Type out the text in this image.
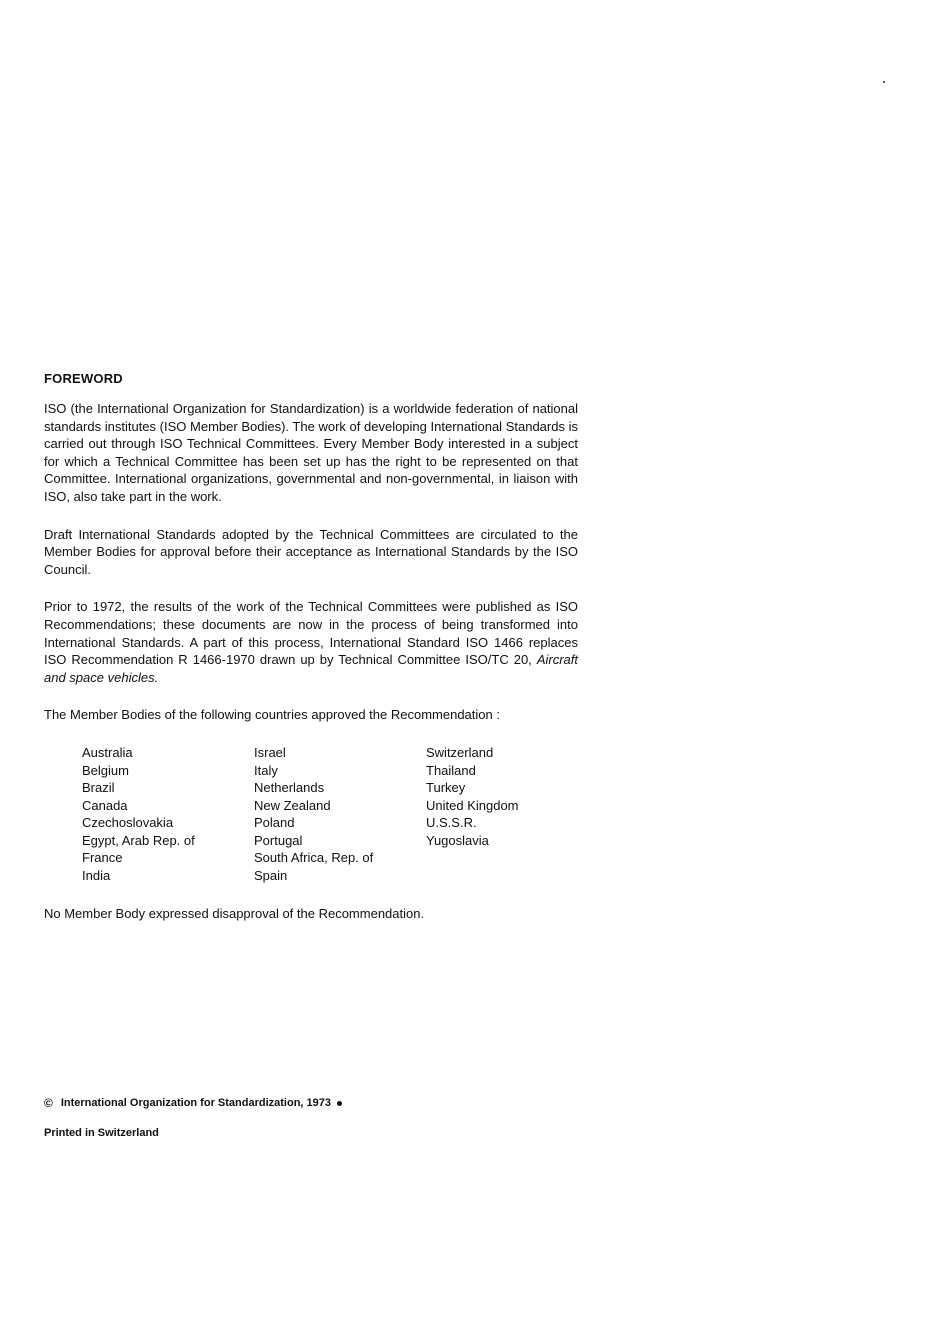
FOREWORD

ISO (the International Organization for Standardization) is a worldwide federation of national standards institutes (ISO Member Bodies). The work of developing International Standards is carried out through ISO Technical Committees. Every Member Body interested in a subject for which a Technical Committee has been set up has the right to be represented on that Committee. International organizations, governmental and non-governmental, in liaison with ISO, also take part in the work.

Draft International Standards adopted by the Technical Committees are circulated to the Member Bodies for approval before their acceptance as International Standards by the ISO Council.

Prior to 1972, the results of the work of the Technical Committees were published as ISO Recommendations; these documents are now in the process of being transformed into International Standards. A part of this process, International Standard ISO 1466 replaces ISO Recommendation R 1466-1970 drawn up by Technical Committee ISO/TC 20, Aircraft and space vehicles.

The Member Bodies of the following countries approved the Recommendation :

Australia
Belgium
Brazil
Canada
Czechoslovakia
Egypt, Arab Rep. of
France
India
Israel
Italy
Netherlands
New Zealand
Poland
Portugal
South Africa, Rep. of
Spain
Switzerland
Thailand
Turkey
United Kingdom
U.S.S.R.
Yugoslavia

No Member Body expressed disapproval of the Recommendation.

© International Organization for Standardization, 1973

Printed in Switzerland
